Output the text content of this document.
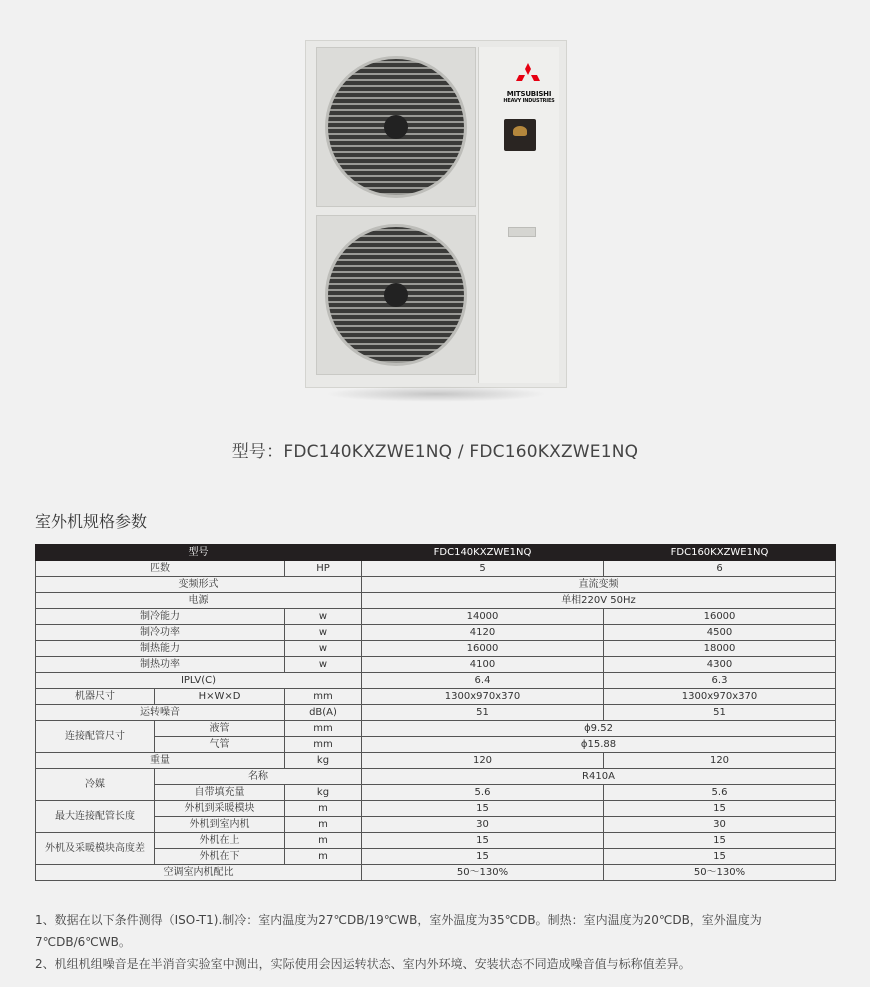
MITSUBISHI
HEAVY INDUSTRIES
型号：FDC140KXZWE1NQ / FDC160KXZWE1NQ
室外机规格参数
型号			FDC140KXZWE1NQ	FDC160KXZWE1NQ
匹数		HP	5	6
变频形式			直流变频	
电源			单相220V 50Hz	
制冷能力		w	14000	16000
制冷功率		w	4120	4500
制热能力		w	16000	18000
制热功率		w	4100	4300
IPLV(C)			6.4	6.3
机器尺寸	H×W×D	mm	1300x970x370	1300x970x370
运转噪音		dB(A)	51	51
连接配管尺寸	液管	mm	ϕ9.52	
	气管	mm	ϕ15.88	
重量		kg	120	120
冷媒	名称		R410A	
	自带填充量	kg	5.6	5.6
最大连接配管长度	外机到采暖模块	m	15	15
	外机到室内机	m	30	30
外机及采暖模块高度差	外机在上	m	15	15
	外机在下	m	15	15
空调室内机配比			50～130%	50～130%
1、数据在以下条件测得（ISO-T1).制冷：室内温度为27℃DB/19℃WB，室外温度为35℃DB。制热：室内温度为20℃DB，室外温度为7℃DB/6℃WB。
2、机组机组噪音是在半消音实验室中测出，实际使用会因运转状态、室内外环境、安装状态不同造成噪音值与标称值差异。
